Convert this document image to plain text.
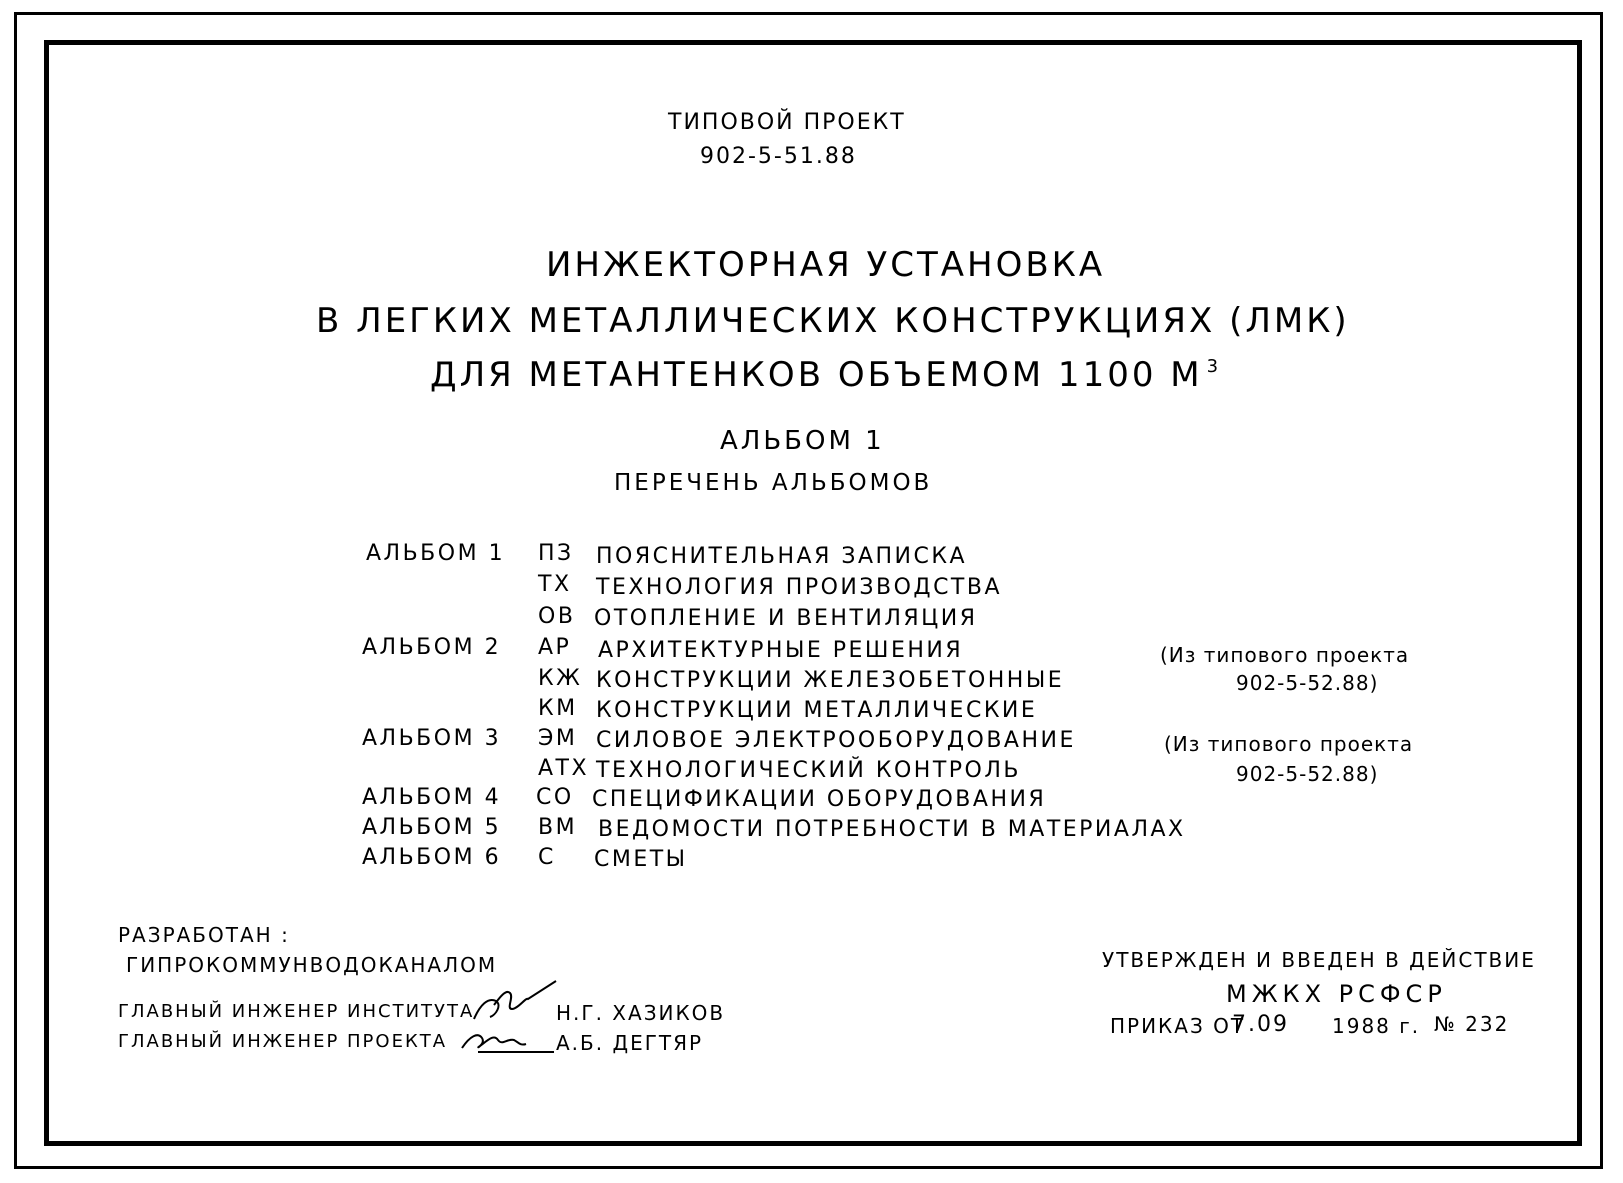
ТИПОВОЙ ПРОЕКТ
902-5-51.88
ИНЖЕКТОРНАЯ УСТАНОВКА
В ЛЕГКИХ МЕТАЛЛИЧЕСКИХ КОНСТРУКЦИЯХ (ЛМК)
ДЛЯ МЕТАНТЕНКОВ ОБЪЕМОМ 1100 М $^3$
АЛЬБОМ 1
ПЕРЕЧЕНЬ АЛЬБОМОВ
АЛЬБОМ 1 ПЗ ПОЯСНИТЕЛЬНАЯ ЗАПИСКА
ТХ ТЕХНОЛОГИЯ ПРОИЗВОДСТВА
ОВ ОТОПЛЕНИЕ И ВЕНТИЛЯЦИЯ
АЛЬБОМ 2 АР АРХИТЕКТУРНЫЕ РЕШЕНИЯ
КЖ КОНСТРУКЦИИ ЖЕЛЕЗОБЕТОННЫЕ
КМ КОНСТРУКЦИИ МЕТАЛЛИЧЕСКИЕ
АЛЬБОМ 3 ЭМ СИЛОВОЕ ЭЛЕКТРООБОРУДОВАНИЕ
АТХ ТЕХНОЛОГИЧЕСКИЙ КОНТРОЛЬ
АЛЬБОМ 4 СО СПЕЦИФИКАЦИИ ОБОРУДОВАНИЯ
АЛЬБОМ 5 ВМ ВЕДОМОСТИ ПОТРЕБНОСТИ В МАТЕРИАЛАХ
АЛЬБОМ 6 С СМЕТЫ
(Из типового проекта
902-5-52.88)
(Из типового проекта
902-5-52.88)
РАЗРАБОТАН :
ГИПРОКОММУНВОДОКАНАЛОМ
ГЛАВНЫЙ ИНЖЕНЕР ИНСТИТУТА	Н.Г. ХАЗИКОВ
ГЛАВНЫЙ ИНЖЕНЕР ПРОЕКТА	А.Б. ДЕГТЯР
УТВЕРЖДЕН И ВВЕДЕН В ДЕЙСТВИЕ
МЖКХ РСФСР
ПРИКАЗ ОТ
7.09 1988 г. № 232
